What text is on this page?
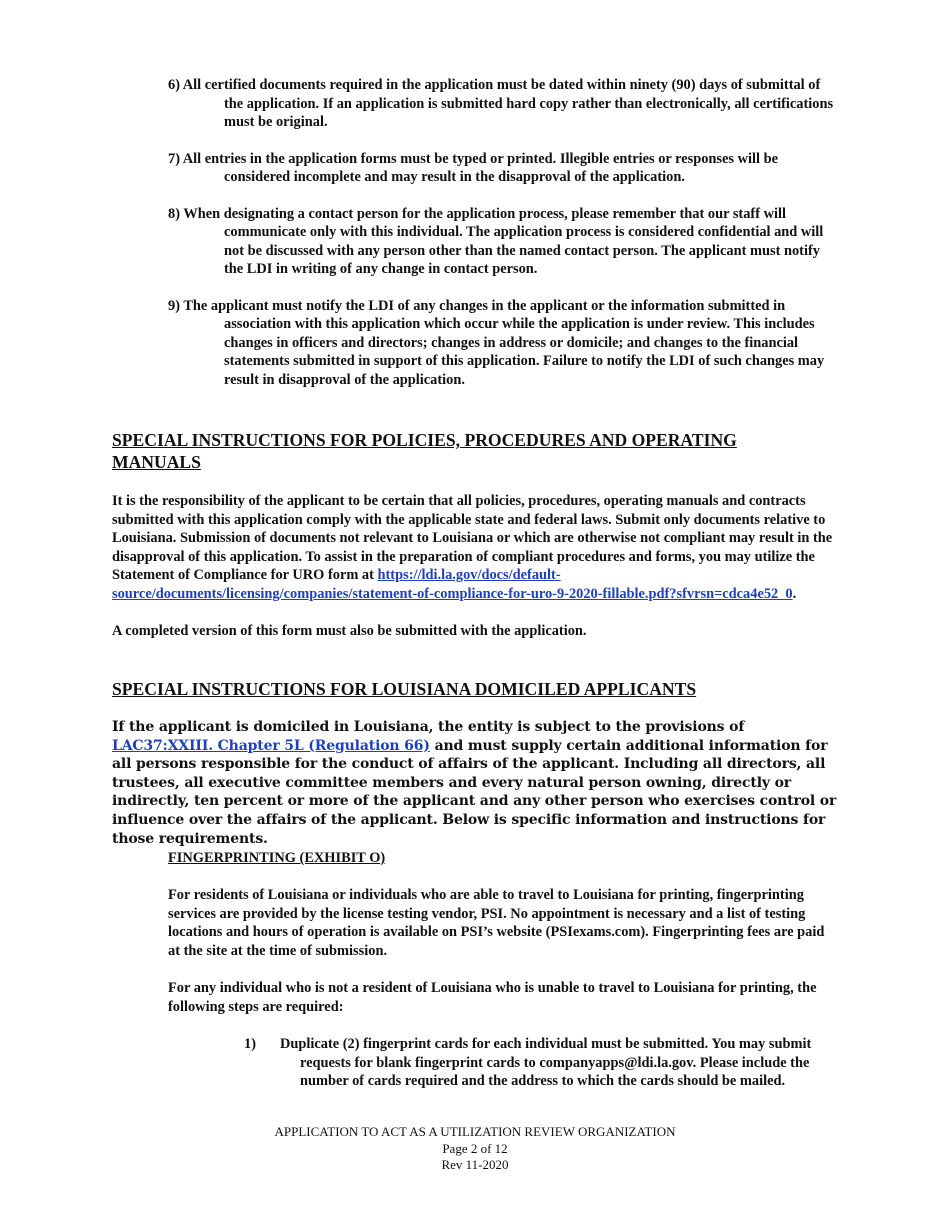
6) All certified documents required in the application must be dated within ninety (90) days of submittal of the application. If an application is submitted hard copy rather than electronically, all certifications must be original.

7) All entries in the application forms must be typed or printed. Illegible entries or responses will be considered incomplete and may result in the disapproval of the application.

8) When designating a contact person for the application process, please remember that our staff will communicate only with this individual. The application process is considered confidential and will not be discussed with any person other than the named contact person. The applicant must notify the LDI in writing of any change in contact person.

9) The applicant must notify the LDI of any changes in the applicant or the information submitted in association with this application which occur while the application is under review. This includes changes in officers and directors; changes in address or domicile; and changes to the financial statements submitted in support of this application. Failure to notify the LDI of such changes may result in disapproval of the application.

SPECIAL INSTRUCTIONS FOR POLICIES, PROCEDURES AND OPERATING MANUALS

It is the responsibility of the applicant to be certain that all policies, procedures, operating manuals and contracts submitted with this application comply with the applicable state and federal laws. Submit only documents relative to Louisiana. Submission of documents not relevant to Louisiana or which are otherwise not compliant may result in the disapproval of this application. To assist in the preparation of compliant procedures and forms, you may utilize the Statement of Compliance for URO form at https://ldi.la.gov/docs/default-source/documents/licensing/companies/statement-of-compliance-for-uro-9-2020-fillable.pdf?sfvrsn=cdca4e52_0.

A completed version of this form must also be submitted with the application.

SPECIAL INSTRUCTIONS FOR LOUISIANA DOMICILED APPLICANTS

If the applicant is domiciled in Louisiana, the entity is subject to the provisions of LAC37:XXIII. Chapter 5L (Regulation 66) and must supply certain additional information for all persons responsible for the conduct of affairs of the applicant. Including all directors, all trustees, all executive committee members and every natural person owning, directly or indirectly, ten percent or more of the applicant and any other person who exercises control or influence over the affairs of the applicant. Below is specific information and instructions for those requirements.

FINGERPRINTING (EXHIBIT O)

For residents of Louisiana or individuals who are able to travel to Louisiana for printing, fingerprinting services are provided by the license testing vendor, PSI. No appointment is necessary and a list of testing locations and hours of operation is available on PSI’s website (PSIexams.com). Fingerprinting fees are paid at the site at the time of submission.

For any individual who is not a resident of Louisiana who is unable to travel to Louisiana for printing, the following steps are required:

1) Duplicate (2) fingerprint cards for each individual must be submitted. You may submit requests for blank fingerprint cards to companyapps@ldi.la.gov. Please include the number of cards required and the address to which the cards should be mailed.

APPLICATION TO ACT AS A UTILIZATION REVIEW ORGANIZATION
Page 2 of 12
Rev 11-2020
